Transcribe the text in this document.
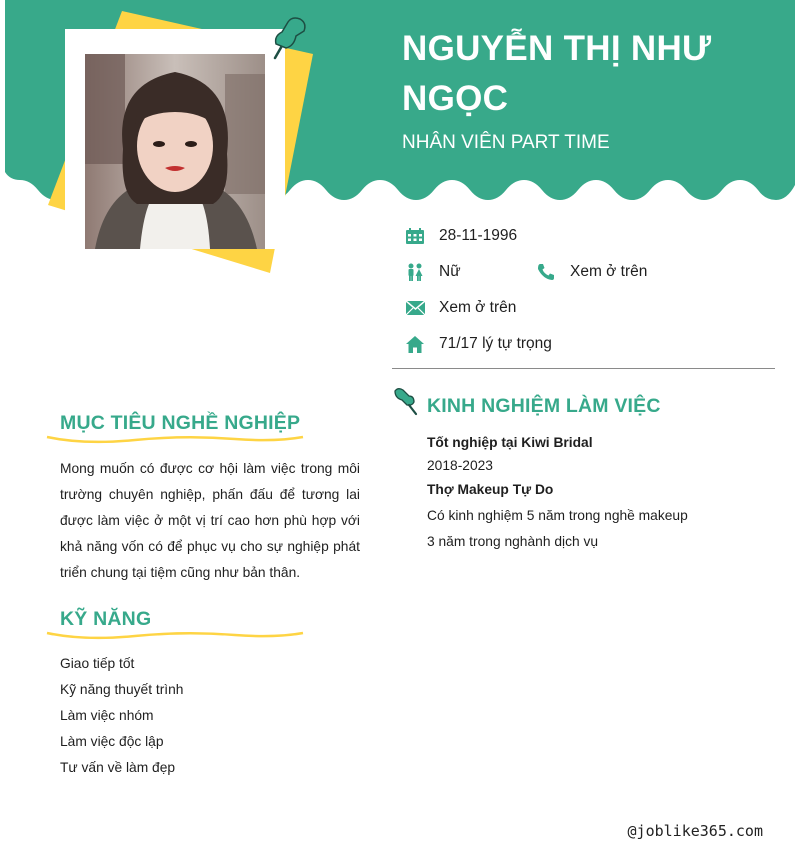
NGUYỄN THỊ NHƯ NGỌC
NHÂN VIÊN PART TIME
28-11-1996
Nữ	Xem ở trên
Xem ở trên
71/17 lý tự trọng
MỤC TIÊU NGHỀ NGHIỆP
Mong muốn có được cơ hội làm việc trong môi trường chuyên nghiệp, phấn đấu để tương lai được làm việc ở một vị trí cao hơn phù hợp với khả năng vốn có để phục vụ cho sự nghiệp phát triển chung tại tiệm cũng như bản thân.
KỸ NĂNG
Giao tiếp tốt
Kỹ năng thuyết trình
Làm việc nhóm
Làm việc độc lập
Tư vấn về làm đẹp
KINH NGHIỆM LÀM VIỆC
Tốt nghiệp tại Kiwi Bridal
2018-2023
Thợ Makeup Tự Do
Có kinh nghiệm 5 năm trong nghề makeup
3 năm trong nghành dịch vụ
@joblike365.com
